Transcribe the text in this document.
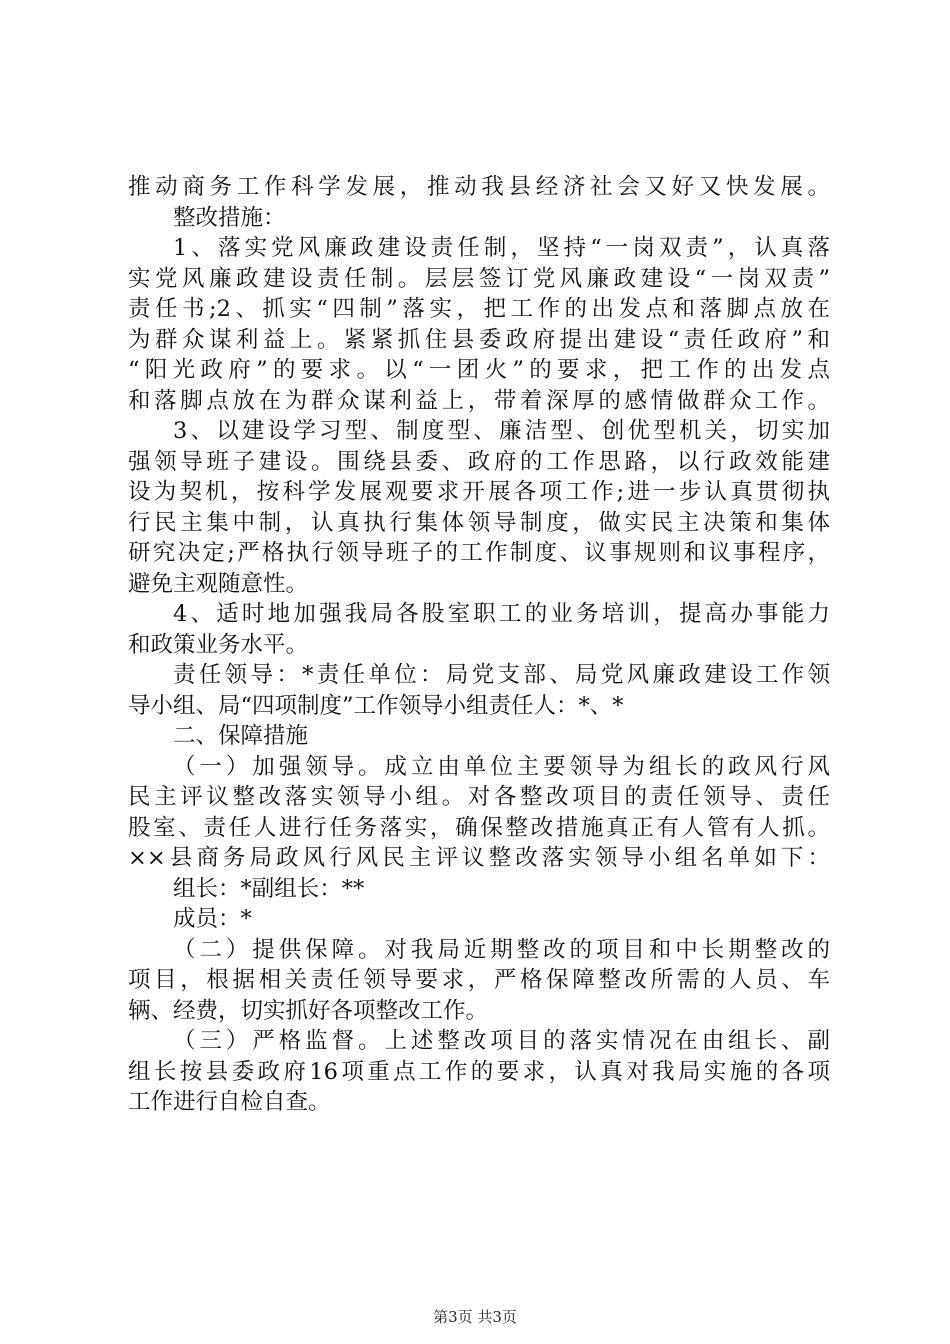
推动商务工作科学发展，推动我县经济社会又好又快发展。
整改措施：
1、落实党风廉政建设责任制，坚持“一岗双责”，认真落
实党风廉政建设责任制。层层签订党风廉政建设“一岗双责”
责任书;2、抓实“四制”落实，把工作的出发点和落脚点放在
为群众谋利益上。紧紧抓住县委政府提出建设“责任政府”和
“阳光政府”的要求。以“一团火”的要求，把工作的出发点
和落脚点放在为群众谋利益上，带着深厚的感情做群众工作。
3、以建设学习型、制度型、廉洁型、创优型机关，切实加
强领导班子建设。围绕县委、政府的工作思路，以行政效能建
设为契机，按科学发展观要求开展各项工作;进一步认真贯彻执
行民主集中制，认真执行集体领导制度，做实民主决策和集体
研究决定;严格执行领导班子的工作制度、议事规则和议事程序，
避免主观随意性。
4、适时地加强我局各股室职工的业务培训，提高办事能力
和政策业务水平。
责任领导：*责任单位：局党支部、局党风廉政建设工作领
导小组、局“四项制度”工作领导小组责任人：*、*
二、保障措施
（一）加强领导。成立由单位主要领导为组长的政风行风
民主评议整改落实领导小组。对各整改项目的责任领导、责任
股室、责任人进行任务落实，确保整改措施真正有人管有人抓。
××县商务局政风行风民主评议整改落实领导小组名单如下：
组长：*副组长：**
成员：*
（二）提供保障。对我局近期整改的项目和中长期整改的
项目，根据相关责任领导要求，严格保障整改所需的人员、车
辆、经费，切实抓好各项整改工作。
（三）严格监督。上述整改项目的落实情况在由组长、副
组长按县委政府16项重点工作的要求，认真对我局实施的各项
工作进行自检自查。
第3页 共3页
